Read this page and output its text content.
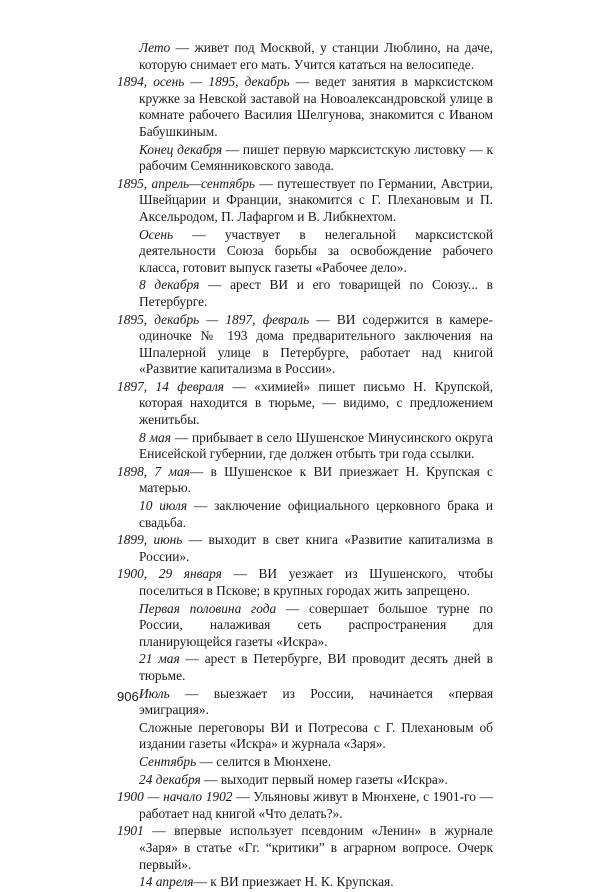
Лето — живет под Москвой, у станции Люблино, на даче, которую снимает его мать. Учится кататься на велосипеде.

1894, осень — 1895, декабрь — ведет занятия в марксистском кружке за Невской заставой на Новоалександровской улице в комнате рабочего Василия Шелгунова, знакомится с Иваном Бабушкиным.

Конец декабря — пишет первую марксистскую листовку — к рабочим Семянниковского завода.

1895, апрель—сентябрь — путешествует по Германии, Австрии, Швейцарии и Франции, знакомится с Г. Плехановым и П. Аксельродом, П. Лафаргом и В. Либкнехтом.

Осень — участвует в нелегальной марксистской деятельности Союза борьбы за освобождение рабочего класса, готовит выпуск газеты «Рабочее дело».

8 декабря — арест ВИ и его товарищей по Союзу... в Петербурге.

1895, декабрь — 1897, февраль — ВИ содержится в камере-одиночке № 193 дома предварительного заключения на Шпалерной улице в Петербурге, работает над книгой «Развитие капитализма в России».

1897, 14 февраля — «химией» пишет письмо Н. Крупской, которая находится в тюрьме, — видимо, с предложением женитьбы.

8 мая — прибывает в село Шушенское Минусинского округа Енисейской губернии, где должен отбыть три года ссылки.

1898, 7 мая— в Шушенское к ВИ приезжает Н. Крупская с матерью.

10 июля — заключение официального церковного брака и свадьба.

1899, июнь — выходит в свет книга «Развитие капитализма в России».

1900, 29 января — ВИ уезжает из Шушенского, чтобы поселиться в Пскове; в крупных городах жить запрещено.

Первая половина года — совершает большое турне по России, налаживая сеть распространения для планирующейся газеты «Искра».

21 мая — арест в Петербурге, ВИ проводит десять дней в тюрьме.

Июль — выезжает из России, начинается «первая эмиграция».

Сложные переговоры ВИ и Потресова с Г. Плехановым об издании газеты «Искра» и журнала «Заря».

Сентябрь — селится в Мюнхене.

24 декабря — выходит первый номер газеты «Искра».

1900 — начало 1902 — Ульяновы живут в Мюнхене, с 1901-го — работает над книгой «Что делать?».

1901 — впервые использует псевдоним «Ленин» в журнале «Заря» в статье «Гг. “критики” в аграрном вопросе. Очерк первый».

14 апреля— к ВИ приезжает Н. К. Крупская.

906
